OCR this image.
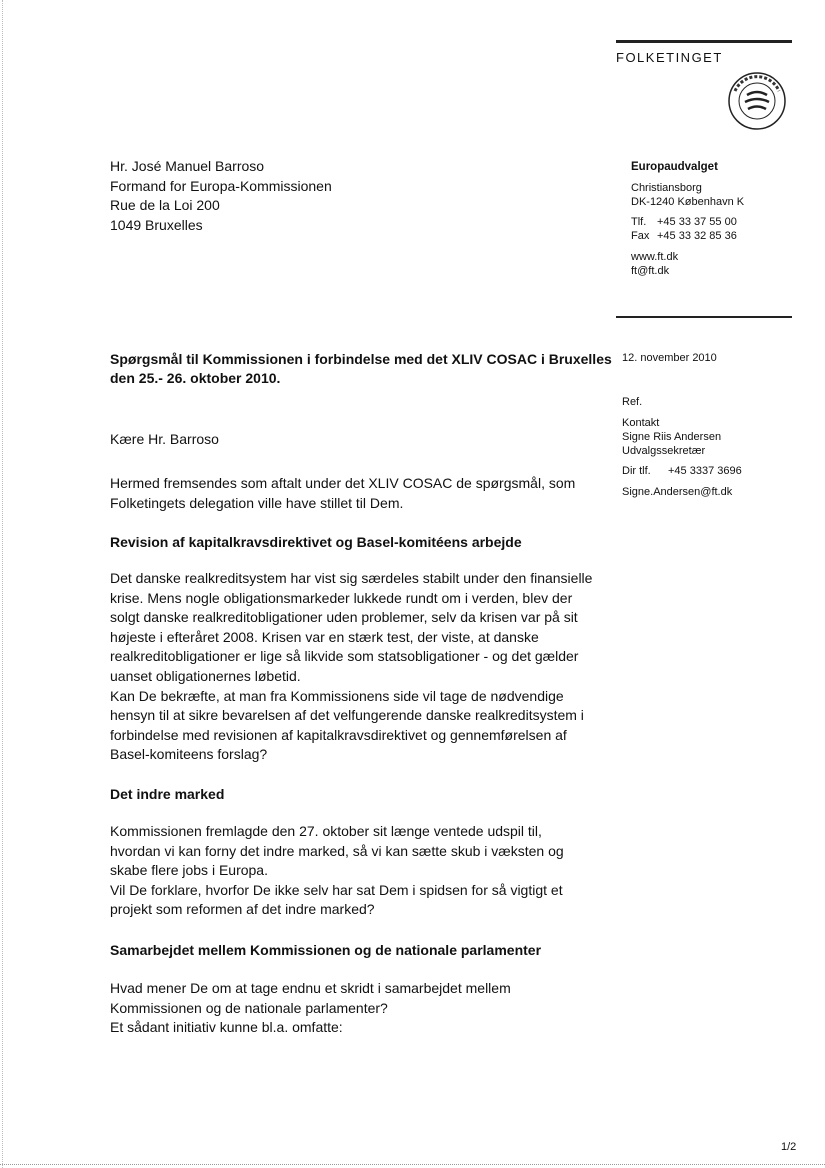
FOLKETINGET
Europaudvalget
Christiansborg
DK-1240 København K
Tlf. +45 33 37 55 00
Fax +45 33 32 85 36
www.ft.dk
ft@ft.dk
12. november 2010
Ref.
Kontakt
Signe Riis Andersen
Udvalgssekretær
Dir tlf. +45 3337 3696
Signe.Andersen@ft.dk
Hr. José Manuel Barroso
Formand for Europa-Kommissionen
Rue de la Loi 200
1049 Bruxelles
Spørgsmål til Kommissionen i forbindelse med det XLIV COSAC i Bruxelles
den 25.- 26. oktober 2010.
Kære Hr. Barroso
Hermed fremsendes som aftalt under det XLIV COSAC de spørgsmål, som
Folketingets delegation ville have stillet til Dem.
Revision af kapitalkravsdirektivet og Basel-komitéens arbejde
Det danske realkreditsystem har vist sig særdeles stabilt under den finansielle
krise. Mens nogle obligationsmarkeder lukkede rundt om i verden, blev der
solgt danske realkreditobligationer uden problemer, selv da krisen var på sit
højeste i efteråret 2008. Krisen var en stærk test, der viste, at danske
realkreditobligationer er lige så likvide som statsobligationer - og det gælder
uanset obligationernes løbetid.
Kan De bekræfte, at man fra Kommissionens side vil tage de nødvendige
hensyn til at sikre bevarelsen af det velfungerende danske realkreditsystem i
forbindelse med revisionen af kapitalkravsdirektivet og gennemførelsen af
Basel-komiteens forslag?
Det indre marked
Kommissionen fremlagde den 27. oktober sit længe ventede udspil til,
hvordan vi kan forny det indre marked, så vi kan sætte skub i væksten og
skabe flere jobs i Europa.
Vil De forklare, hvorfor De ikke selv har sat Dem i spidsen for så vigtigt et
projekt som reformen af det indre marked?
Samarbejdet mellem Kommissionen og de nationale parlamenter
Hvad mener De om at tage endnu et skridt i samarbejdet mellem
Kommissionen og de nationale parlamenter?
Et sådant initiativ kunne bl.a. omfatte:
1/2
